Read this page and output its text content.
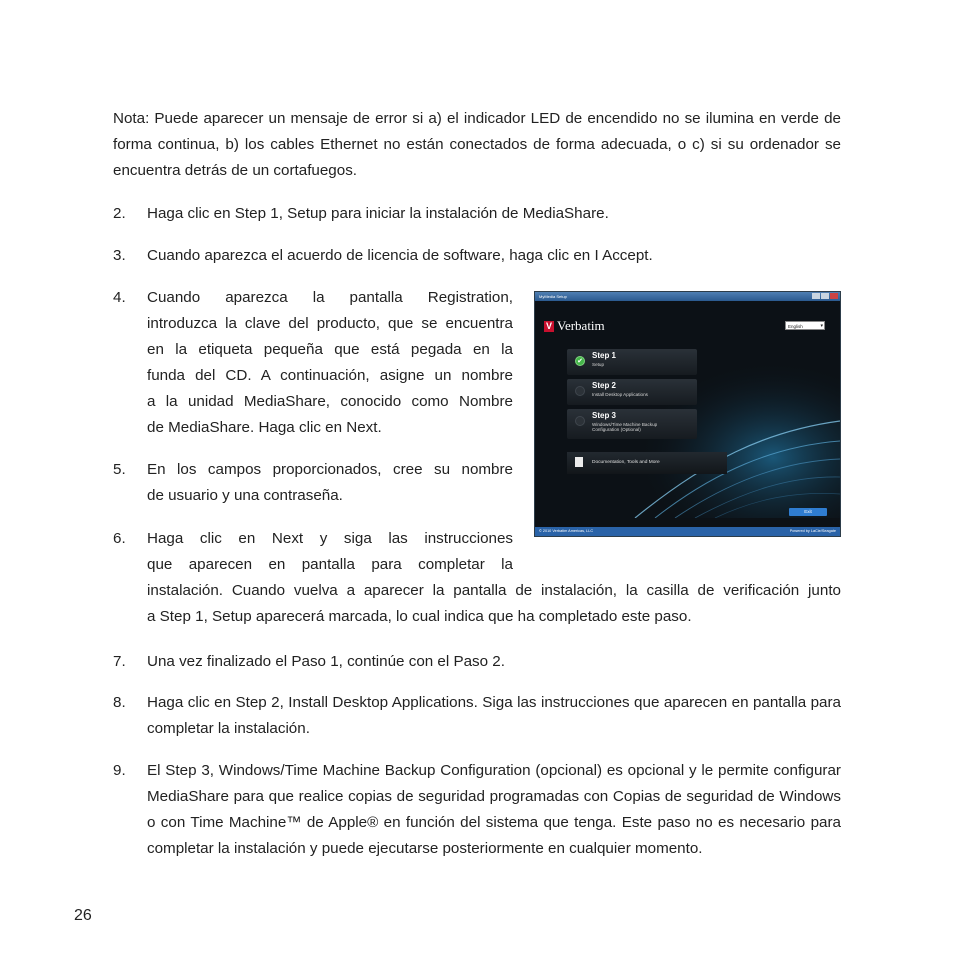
Nota: Puede aparecer un mensaje de error si a) el indicador LED de encendido no se ilumina en verde de forma continua, b) los cables Ethernet no están conectados de forma adecuada, o c) si su ordenador se encuentra detrás de un cortafuegos.

2.	Haga clic en Step 1, Setup para iniciar la instalación de MediaShare.
3.	Cuando aparezca el acuerdo de licencia de software, haga clic en I Accept.
4.	Cuando aparezca la pantalla Registration,
introduzca la clave del producto, que se encuentra
en la etiqueta pequeña que está pegada en la
funda del CD. A continuación, asigne un nombre
a la unidad MediaShare, conocido como Nombre
de MediaShare. Haga clic en Next.
5.	En los campos proporcionados, cree su nombre
de usuario y una contraseña.
6.	Haga clic en Next y siga las instrucciones
que aparecen en pantalla para completar la
instalación. Cuando vuelva a aparecer la pantalla de instalación, la casilla de verificación junto
a Step 1, Setup aparecerá marcada, lo cual indica que ha completado este paso.
7.	Una vez finalizado el Paso 1, continúe con el Paso 2.
8.	Haga clic en Step 2, Install Desktop Applications. Siga las instrucciones que aparecen en pantalla para completar la instalación.
9.	El Step 3, Windows/Time Machine Backup Configuration (opcional) es opcional y le permite configurar MediaShare para que realice copias de seguridad programadas con Copias de seguridad de Windows o con Time Machine™ de Apple® en función del sistema que tenga. Este paso no es necesario para completar la instalación y puede ejecutarse posteriormente en cualquier momento.
MyMedia Setup
V Verbatim	English	▾
✔
Step 1
Setup
Step 2
Install Desktop Applications
Step 3
Windows/Time Machine Backup Configuration (Optional)
Documentation, Tools and More
Exit
© 2010 Verbatim Americas, LLC	Powered by LaCie/Seagate
26
